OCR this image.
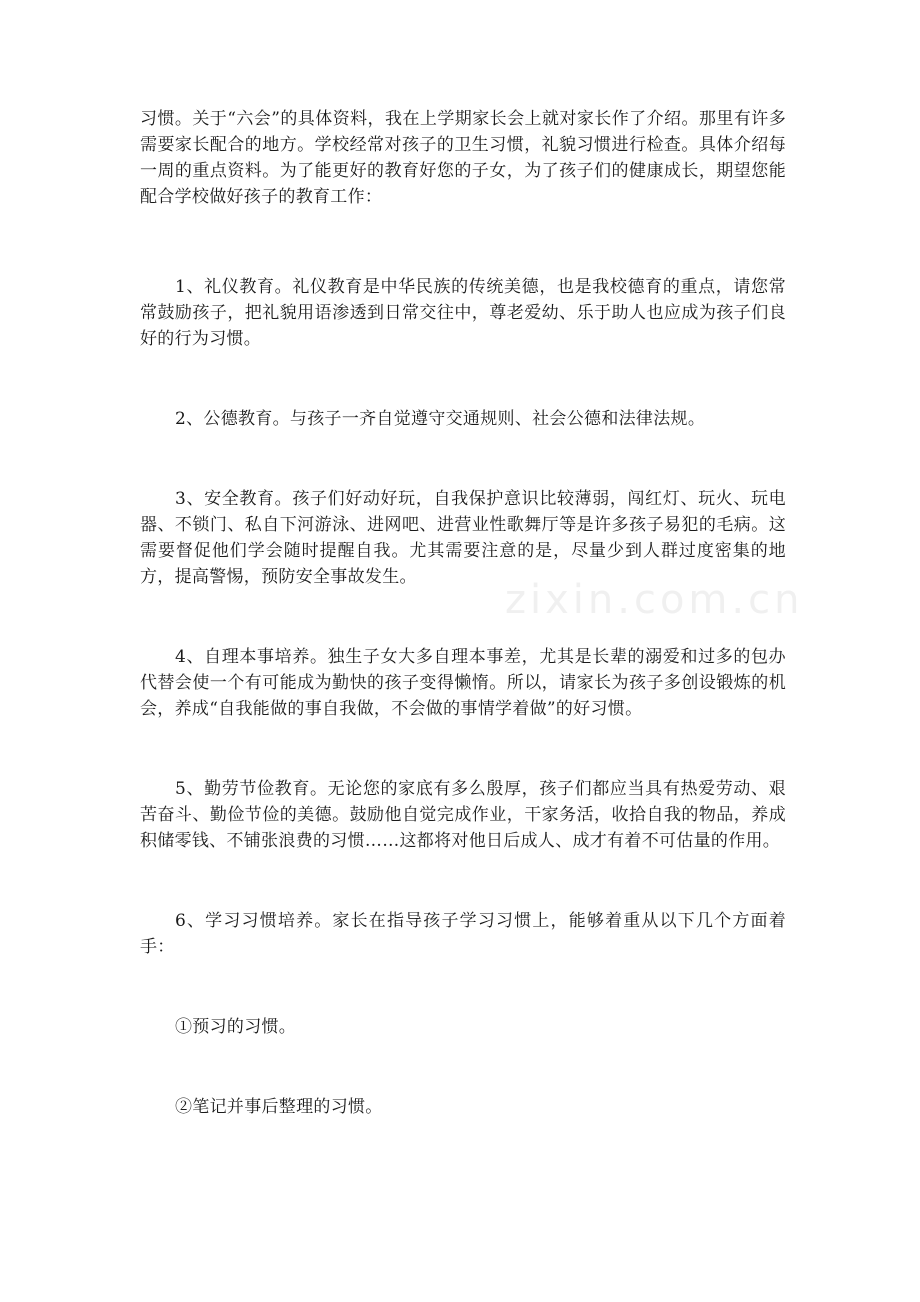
zixin.com.cn

习惯。关于“六会”的具体资料，我在上学期家长会上就对家长作了介绍。那里有许多需要家长配合的地方。学校经常对孩子的卫生习惯，礼貌习惯进行检查。具体介绍每一周的重点资料。为了能更好的教育好您的子女，为了孩子们的健康成长，期望您能配合学校做好孩子的教育工作：

1、礼仪教育。礼仪教育是中华民族的传统美德，也是我校德育的重点，请您常常鼓励孩子，把礼貌用语渗透到日常交往中，尊老爱幼、乐于助人也应成为孩子们良好的行为习惯。

2、公德教育。与孩子一齐自觉遵守交通规则、社会公德和法律法规。

3、安全教育。孩子们好动好玩，自我保护意识比较薄弱，闯红灯、玩火、玩电器、不锁门、私自下河游泳、进网吧、进营业性歌舞厅等是许多孩子易犯的毛病。这需要督促他们学会随时提醒自我。尤其需要注意的是，尽量少到人群过度密集的地方，提高警惕，预防安全事故发生。

4、自理本事培养。独生子女大多自理本事差，尤其是长辈的溺爱和过多的包办代替会使一个有可能成为勤快的孩子变得懒惰。所以，请家长为孩子多创设锻炼的机会，养成“自我能做的事自我做，不会做的事情学着做”的好习惯。

5、勤劳节俭教育。无论您的家底有多么殷厚，孩子们都应当具有热爱劳动、艰苦奋斗、勤俭节俭的美德。鼓励他自觉完成作业，干家务活，收拾自我的物品，养成积储零钱、不铺张浪费的习惯……这都将对他日后成人、成才有着不可估量的作用。

6、学习习惯培养。家长在指导孩子学习习惯上，能够着重从以下几个方面着手：

①预习的习惯。

②笔记并事后整理的习惯。
